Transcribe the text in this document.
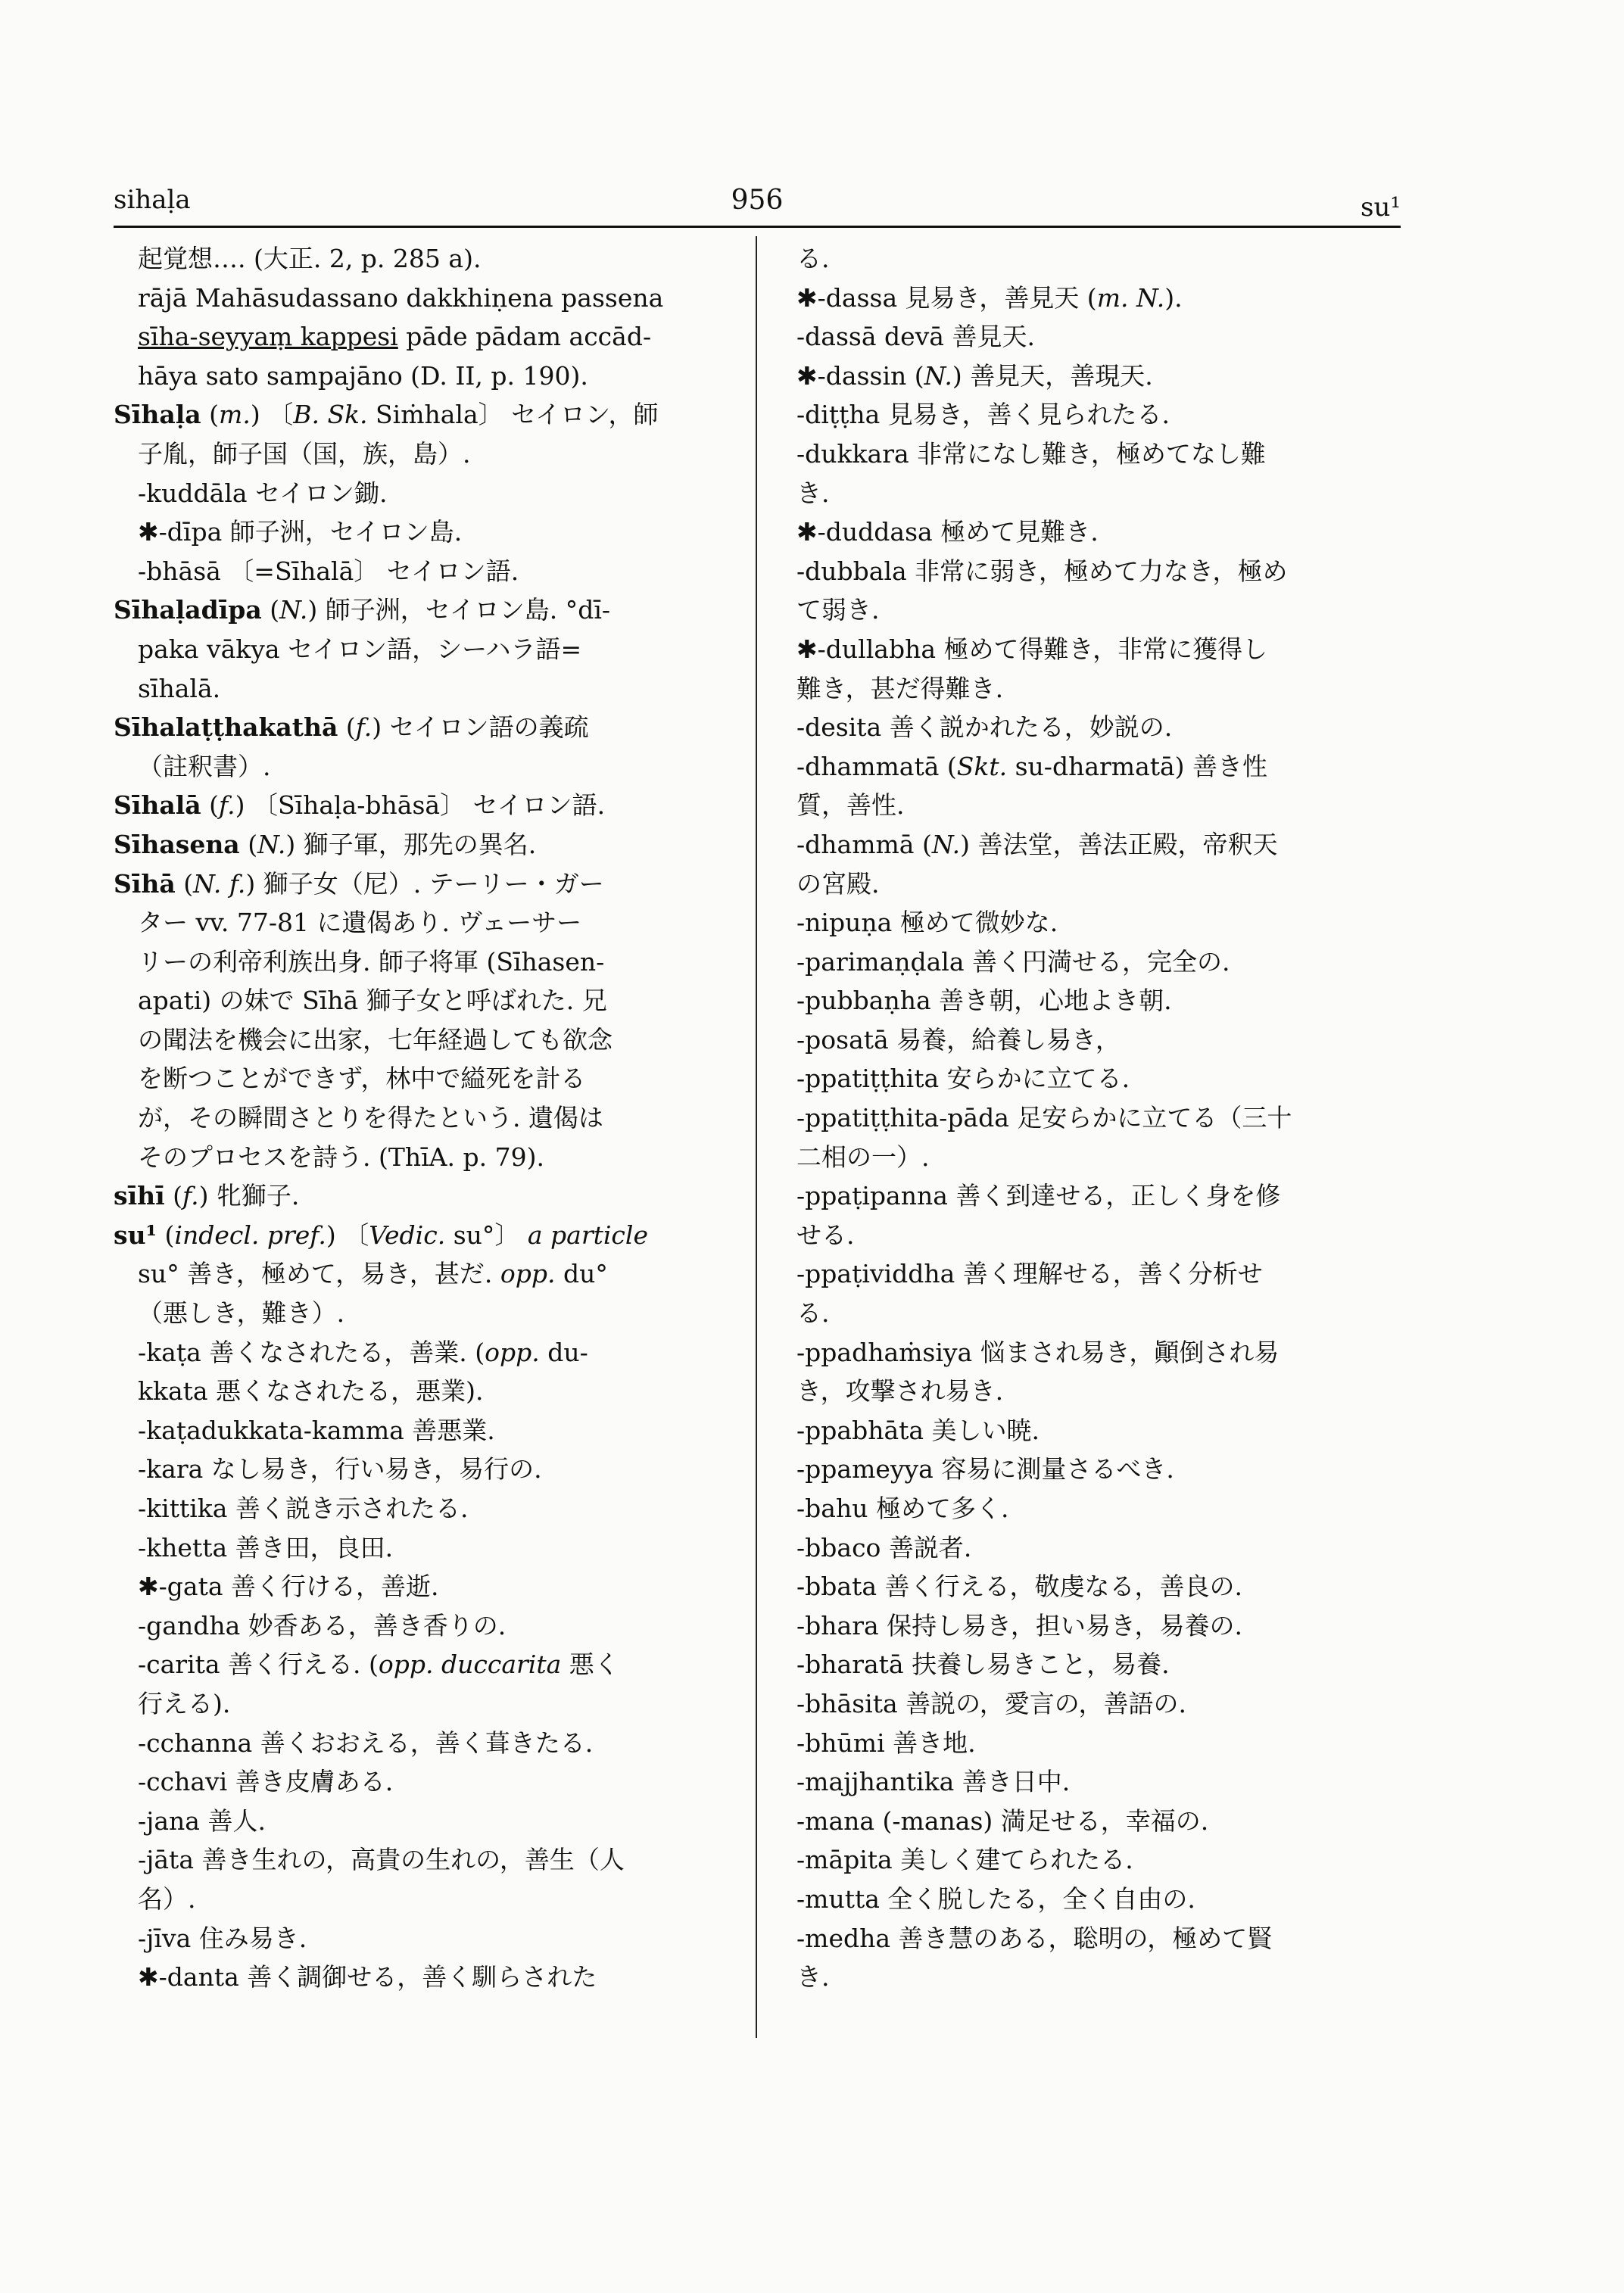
sihaḷa	956	su¹
起覚想…. (大正. 2, p. 285 a).
rājā Mahāsudassano dakkhiṇena passena
sīha-seyyaṃ kappesi pāde pādam accād-
hāya sato sampajāno (D. II, p. 190).
Sīhaḷa (m.) 〔B. Sk. Siṁhala〕 セイロン，師
子胤，師子国（国，族，島）.
-kuddāla セイロン鋤.
✱-dīpa 師子洲，セイロン島.
-bhāsā 〔=Sīhalā〕 セイロン語.
Sīhaḷadīpa (N.) 師子洲，セイロン島. °dī-
paka vākya セイロン語，シーハラ語=
sīhalā.
Sīhalaṭṭhakathā (f.) セイロン語の義疏
（註釈書）.
Sīhalā (f.) 〔Sīhaḷa-bhāsā〕 セイロン語.
Sīhasena (N.) 獅子軍，那先の異名.
Sīhā (N. f.) 獅子女（尼）. テーリー・ガー
ター vv. 77-81 に遺偈あり. ヴェーサー
リーの利帝利族出身. 師子将軍 (Sīhasen-
apati) の妹で Sīhā 獅子女と呼ばれた. 兄
の聞法を機会に出家，七年経過しても欲念
を断つことができず，林中で縊死を計る
が，その瞬間さとりを得たという. 遺偈は
そのプロセスを詩う. (ThīA. p. 79).
sīhī (f.) 牝獅子.
su¹ (indecl. pref.) 〔Vedic. su°〕 a particle
su° 善き，極めて，易き，甚だ. opp. du°
（悪しき，難き）.
-kaṭa 善くなされたる，善業. (opp. du-
kkata 悪くなされたる，悪業).
-kaṭadukkata-kamma 善悪業.
-kara なし易き，行い易き，易行の.
-kittika 善く説き示されたる.
-khetta 善き田，良田.
✱-gata 善く行ける，善逝.
-gandha 妙香ある，善き香りの.
-carita 善く行える. (opp. duccarita 悪く
行える).
-cchanna 善くおおえる，善く葺きたる.
-cchavi 善き皮膚ある.
-jana 善人.
-jāta 善き生れの，高貴の生れの，善生（人
名）.
-jīva 住み易き.
✱-danta 善く調御せる，善く馴らされた
る.
✱-dassa 見易き，善見天 (m. N.).
-dassā devā 善見天.
✱-dassin (N.) 善見天，善現天.
-diṭṭha 見易き，善く見られたる.
-dukkara 非常になし難き，極めてなし難
き.
✱-duddasa 極めて見難き.
-dubbala 非常に弱き，極めて力なき，極め
て弱き.
✱-dullabha 極めて得難き，非常に獲得し
難き，甚だ得難き.
-desita 善く説かれたる，妙説の.
-dhammatā (Skt. su-dharmatā) 善き性
質，善性.
-dhammā (N.) 善法堂，善法正殿，帝釈天
の宮殿.
-nipuṇa 極めて微妙な.
-parimaṇḍala 善く円満せる，完全の.
-pubbaṇha 善き朝，心地よき朝.
-posatā 易養，給養し易き，
-ppatiṭṭhita 安らかに立てる.
-ppatiṭṭhita-pāda 足安らかに立てる（三十
二相の一）.
-ppaṭipanna 善く到達せる，正しく身を修
せる.
-ppaṭividdha 善く理解せる，善く分析せ
る.
-ppadhaṁsiya 悩まされ易き，顚倒され易
き，攻撃され易き.
-ppabhāta 美しい暁.
-ppameyya 容易に測量さるべき.
-bahu 極めて多く.
-bbaco 善説者.
-bbata 善く行える，敬虔なる，善良の.
-bhara 保持し易き，担い易き，易養の.
-bharatā 扶養し易きこと，易養.
-bhāsita 善説の，愛言の，善語の.
-bhūmi 善き地.
-majjhantika 善き日中.
-mana (-manas) 満足せる，幸福の.
-māpita 美しく建てられたる.
-mutta 全く脱したる，全く自由の.
-medha 善き慧のある，聡明の，極めて賢
き.
